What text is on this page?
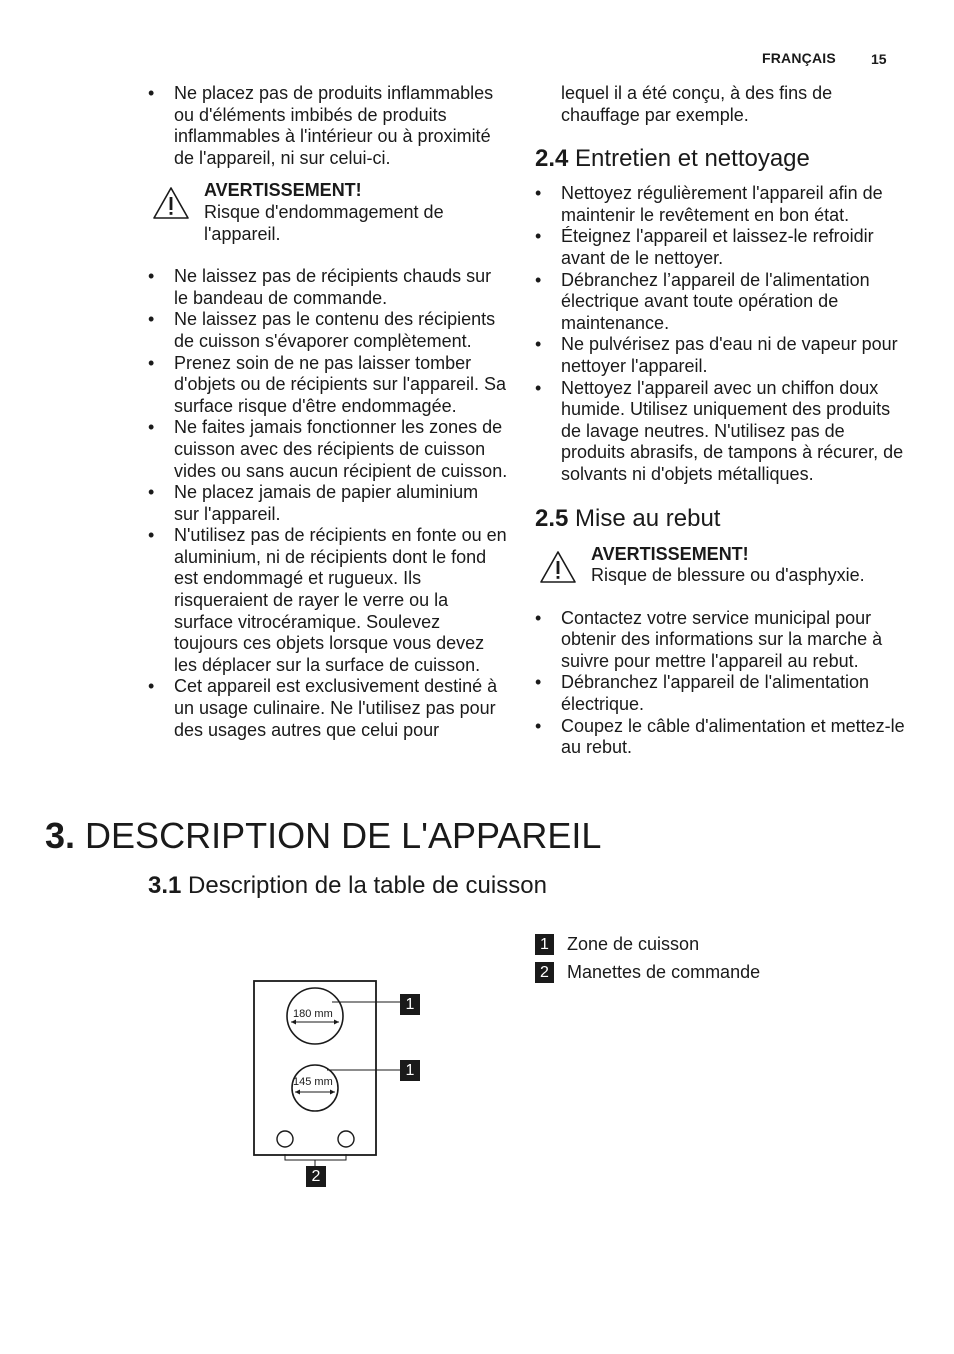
FRANÇAIS	15
• Ne placez pas de produits inflammables ou d'éléments imbibés de produits inflammables à l'intérieur ou à proximité de l'appareil, ni sur celui-ci.
AVERTISSEMENT!
Risque d'endommagement de l'appareil.
• Ne laissez pas de récipients chauds sur le bandeau de commande.
• Ne laissez pas le contenu des récipients de cuisson s'évaporer complètement.
• Prenez soin de ne pas laisser tomber d'objets ou de récipients sur l'appareil. Sa surface risque d'être endommagée.
• Ne faites jamais fonctionner les zones de cuisson avec des récipients de cuisson vides ou sans aucun récipient de cuisson.
• Ne placez jamais de papier aluminium sur l'appareil.
• N'utilisez pas de récipients en fonte ou en aluminium, ni de récipients dont le fond est endommagé et rugueux. Ils risqueraient de rayer le verre ou la surface vitrocéramique. Soulevez toujours ces objets lorsque vous devez les déplacer sur la surface de cuisson.
• Cet appareil est exclusivement destiné à un usage culinaire. Ne l'utilisez pas pour des usages autres que celui pour
lequel il a été conçu, à des fins de chauffage par exemple.
2.4 Entretien et nettoyage
• Nettoyez régulièrement l'appareil afin de maintenir le revêtement en bon état.
• Éteignez l'appareil et laissez-le refroidir avant de le nettoyer.
• Débranchez l’appareil de l'alimentation électrique avant toute opération de maintenance.
• Ne pulvérisez pas d'eau ni de vapeur pour nettoyer l'appareil.
• Nettoyez l'appareil avec un chiffon doux humide. Utilisez uniquement des produits de lavage neutres. N'utilisez pas de produits abrasifs, de tampons à récurer, de solvants ni d'objets métalliques.
2.5 Mise au rebut
AVERTISSEMENT!
Risque de blessure ou d'asphyxie.
• Contactez votre service municipal pour obtenir des informations sur la marche à suivre pour mettre l'appareil au rebut.
• Débranchez l'appareil de l'alimentation électrique.
• Coupez le câble d'alimentation et mettez-le au rebut.
3. DESCRIPTION DE L'APPAREIL
3.1 Description de la table de cuisson
1 Zone de cuisson
2 Manettes de commande
180 mm
145 mm
1
1
2
